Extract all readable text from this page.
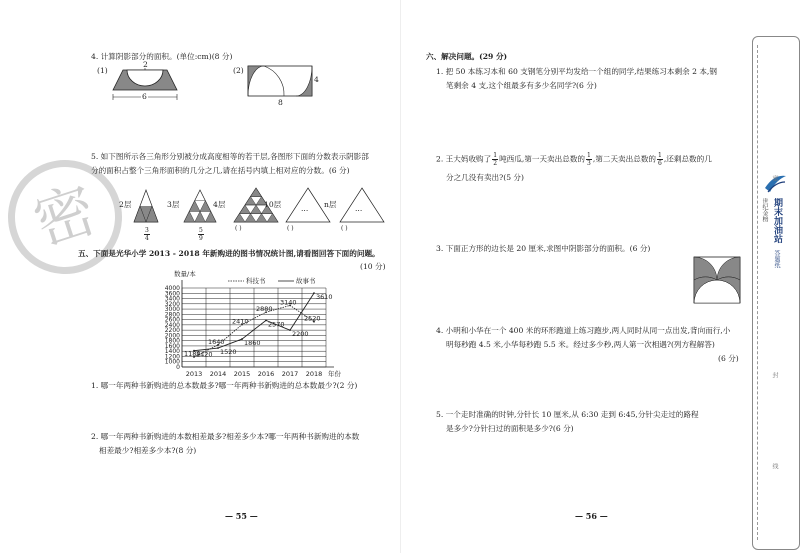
密
4. 计算阴影部分的面积。(单位:cm)(8 分)
(1)	(2)
2
6
4
8
5. 如下图所示各三角形分别被分成高度相等的若干层,各图形下面的分数表示阴影部
分的面积占整个三角形面积的几分之几,请在括号内填上相对应的分数。(6 分)
2层	3层	4层	10层	n层
...	...
$\frac{3}{4}$	$\frac{5}{9}$	( )	( )	( )
五、下面是光华小学 2013 - 2018 年新购进的图书情况统计图,请看图回答下面的问题。
(10 分)
0
1000
1200
1400
1600
1800
2000
2200
2400
2600
2800
3000
3200
3400
3600
4000
数量/本
2013 2014 2015 2016 2017 2018 年份
科技书	故事书
1180
1640
2410
2880
3140
2520
1420 1520
1860
2570
2200
3610
1. 哪一年两种书新购进的总本数最多?哪一年两种书新购进的总本数最少?(2 分)
2. 哪一年两种书新购进的本数相差最多?相差多少本?哪一年两种书新购进的本数
相差最少?相差多少本?(8 分)
— 55 —
六、解决问题。(29 分)
1. 把 50 本练习本和 60 支钢笔分别平均发给一个组的同学,结果练习本剩余 2 本,钢
笔剩余 4 支,这个组最多有多少名同学?(6 分)
2. 王大妈收购了 $\frac{1}{2}$ 吨西瓜,第一天卖出总数的 $\frac{1}{3}$ ,第二天卖出总数的 $\frac{1}{6}$ ,还剩总数的几
分之几没有卖出?(5 分)
3. 下面正方形的边长是 20 厘米,求图中阴影部分的面积。(6 分)
4. 小明和小华在一个 400 米的环形跑道上练习跑步,两人同时从同一点出发,背向而行,小
明每秒跑 4.5 米,小华每秒跑 5.5 米。经过多少秒,两人第一次相遇?(列方程解答)
(6 分)
5. 一个走时准确的时钟,分针长 10 厘米,从 6:30 走到 6:45,分针尖走过的路程
是多少?分针扫过的面积是多少?(6 分)
— 56 —
世纪金榜 期末加油站
答题纸
密
封
线
